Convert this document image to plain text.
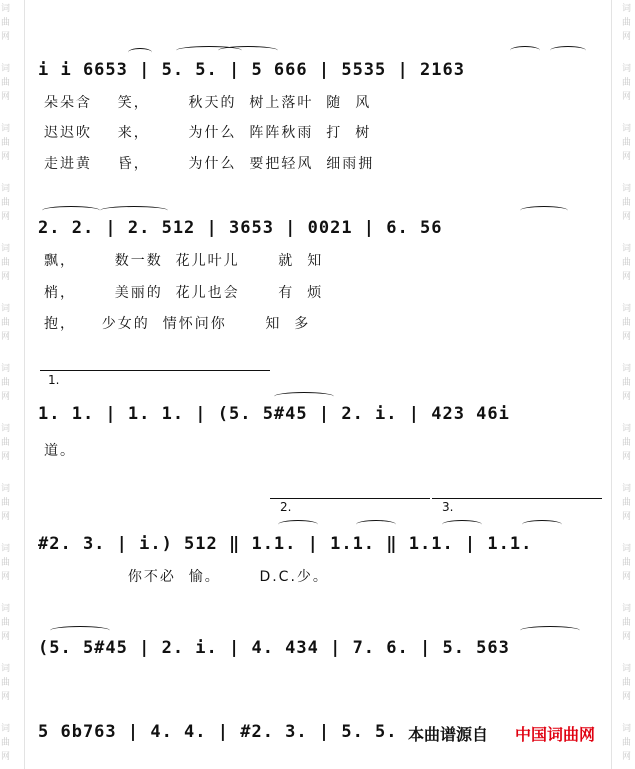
词
曲
网
词
曲
网
词
曲
网
词
曲
网
词
曲
网
词
曲
网
词
曲
网
词
曲
网
词
曲
网
词
曲
网
词
曲
网
词
曲
网
词
曲
网
词
曲
网
词
曲
网
词
曲
网
词
曲
网
词
曲
网
词
曲
网
词
曲
网
词
曲
网
词
曲
网
词
曲
网
词
曲
网
词
曲
网
词
曲
网
i i 6653 | 5. 5. | 5 666 | 5535 | 2163
朵朵含    笑，      秋天的  树上落叶  随  风
迟迟吹    来，      为什么  阵阵秋雨  打  树
走进黄    昏，      为什么  要把轻风  细雨拥
2. 2. | 2. 512 | 3653 | 0021 | 6. 56
飘，      数一数  花儿叶儿      就  知
梢，      美丽的  花儿也会      有  烦
抱，    少女的  情怀问你      知  多
1.
1. 1. | 1. 1. | (5. 5#45 | 2. i. | 423 46i
道。
2.	3.
#2. 3. | i.) 512 ‖ 1.1. | 1.1. ‖ 1.1. | 1.1.
你不必  愉。      D.C.少。
(5. 5#45 | 2. i. | 4. 434 | 7. 6. | 5. 563
5 6b763 | 4. 4. | #2. 3. | 5. 5. 本曲谱源自 中国词曲网
